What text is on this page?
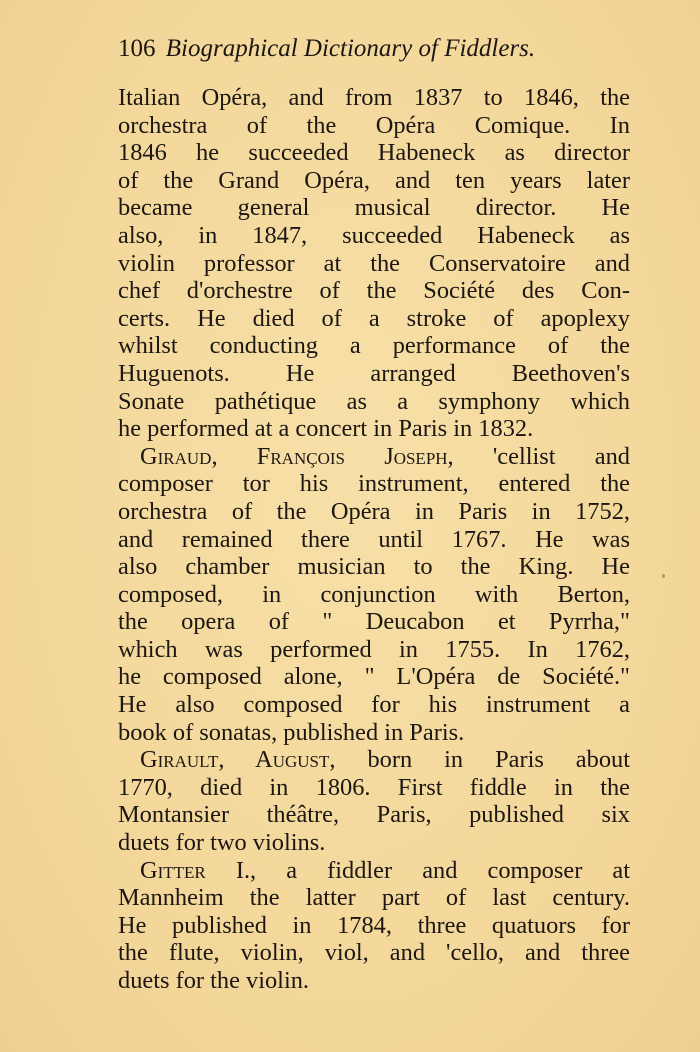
106 Biographical Dictionary of Fiddlers.
Italian Opéra, and from 1837 to 1846, the
orchestra of the Opéra Comique. In
1846 he succeeded Habeneck as director
of the Grand Opéra, and ten years later
became general musical director. He
also, in 1847, succeeded Habeneck as
violin professor at the Conservatoire and
chef d'orchestre of the Société des Con-
certs. He died of a stroke of apoplexy
whilst conducting a performance of the
Huguenots. He arranged Beethoven's
Sonate pathétique as a symphony which
he performed at a concert in Paris in 1832.
Giraud, François Joseph, 'cellist and
composer tor his instrument, entered the
orchestra of the Opéra in Paris in 1752,
and remained there until 1767. He was
also chamber musician to the King. He
composed, in conjunction with Berton,
the opera of " Deucabon et Pyrrha,"
which was performed in 1755. In 1762,
he composed alone, " L'Opéra de Société."
He also composed for his instrument a
book of sonatas, published in Paris.
Girault, August, born in Paris about
1770, died in 1806. First fiddle in the
Montansier théâtre, Paris, published six
duets for two violins.
Gitter I., a fiddler and composer at
Mannheim the latter part of last century.
He published in 1784, three quatuors for
the flute, violin, viol, and 'cello, and three
duets for the violin.
